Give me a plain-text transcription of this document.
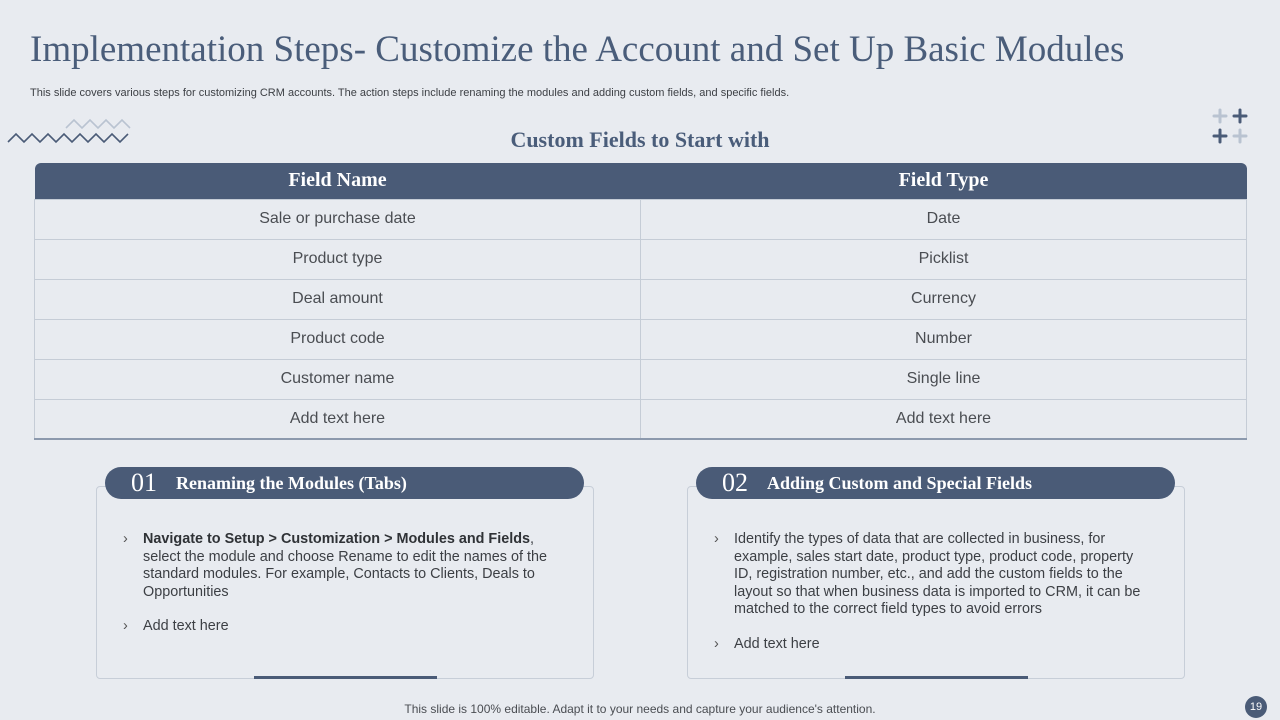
Implementation Steps- Customize the Account and Set Up Basic Modules
This slide covers various steps for customizing CRM accounts. The action steps include renaming the modules and adding custom fields, and specific fields.
Custom Fields to Start with
Field Name	Field Type
Sale or purchase date	Date
Product type	Picklist
Deal amount	Currency
Product code	Number
Customer name	Single line
Add text here	Add text here
› Navigate to Setup > Customization > Modules and Fields, select the module and choose Rename to edit the names of the standard modules. For example, Contacts to Clients, Deals to Opportunities
› Add text here
01	Renaming the Modules (Tabs)
› Identify the types of data that are collected in business, for example, sales start date, product type, product code, property ID, registration number, etc., and add the custom fields to the layout so that when business data is imported to CRM, it can be matched to the correct field types to avoid errors
› Add text here
02	Adding Custom and Special Fields
This slide is 100% editable. Adapt it to your needs and capture your audience's attention.	19
